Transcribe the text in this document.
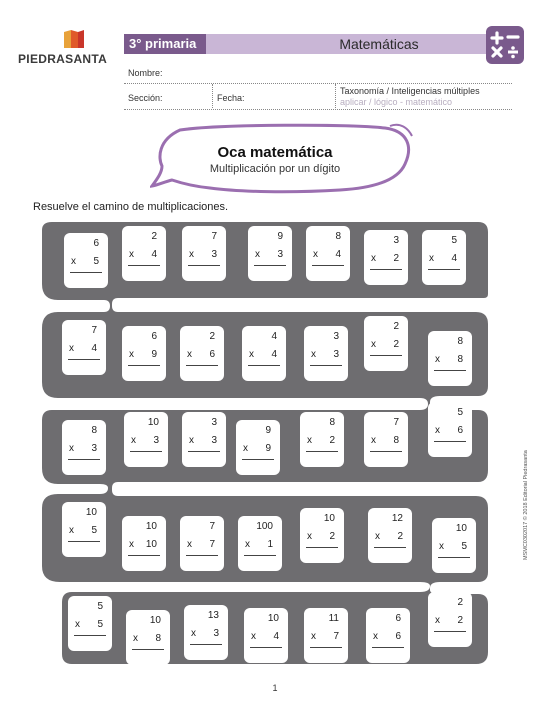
PIEDRASANTA
3° primaria	Matemáticas
Nombre:
Sección:	Fecha:
Taxonomía / Inteligencias múltiples
aplicar / lógico - matemático
Oca matemática
Multiplicación por un dígito
Resuelve el camino de multiplicaciones.
6
x 5
2
x 4
7
x 3
9
x 3
8
x 4
3
x 2
5
x 4
7
x 4
6
x 9
2
x 6
4
x 4
3
x 3
2
x 2	8
x 8
8
x 3
10
x 3
3
x 3
9
x 9
8
x 2
7
x 8
5
x 6
10
x 5	10
x 10
7
x 7
100
x 1
10
x 2
12
x 2
10
x 5
5
x 5	10
x 8
13
x 3
10
x 4
11
x 7
6
x 6
2
x 2
1
MSMC0302017 © 2018 Editorial Piedrasanta
